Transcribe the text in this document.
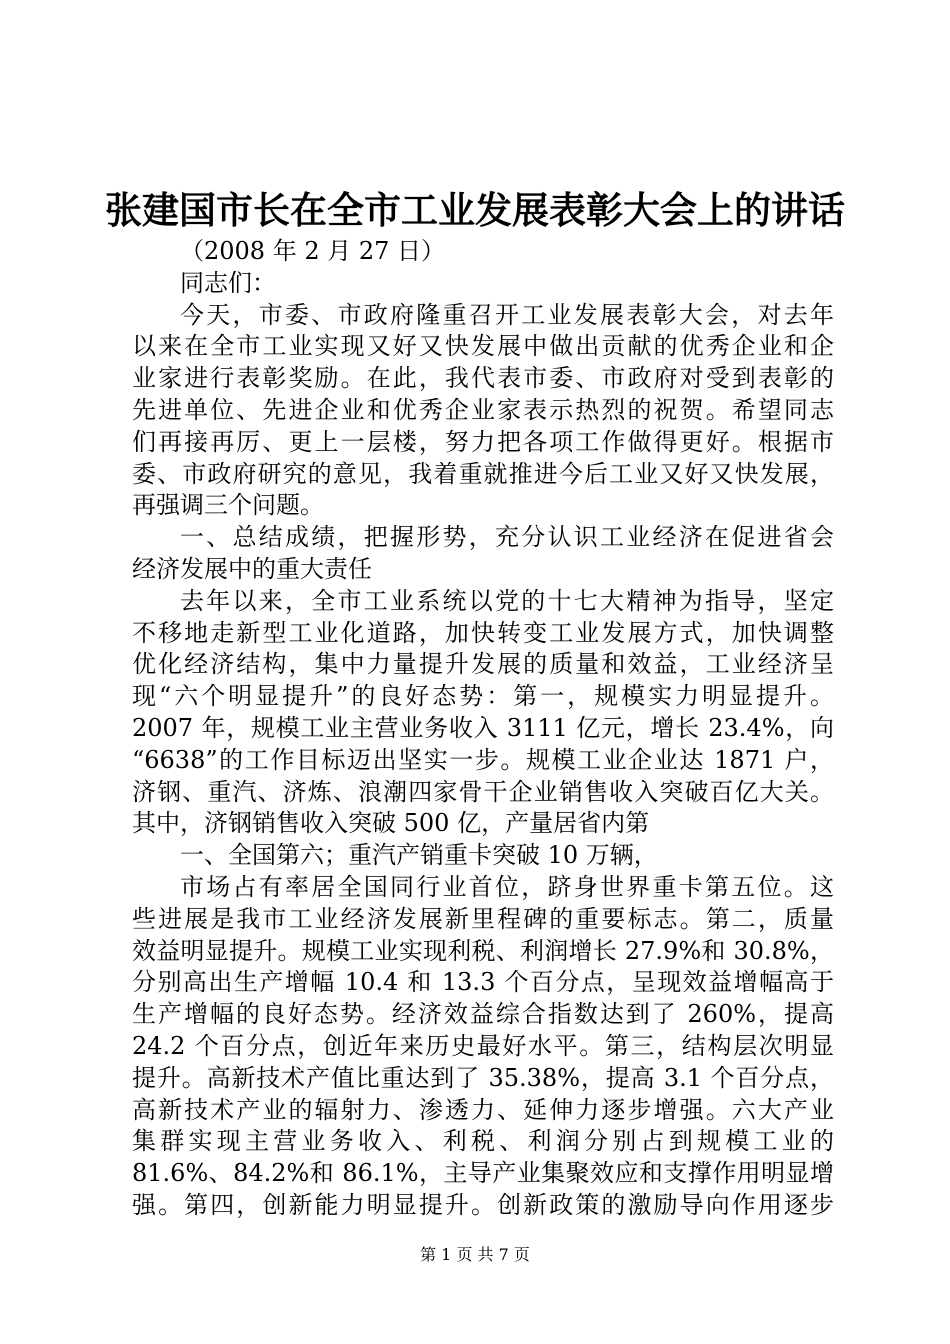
张建国市长在全市工业发展表彰大会上的讲话
（2008 年 2 月 27 日）
同志们：
今天，市委、市政府隆重召开工业发展表彰大会，对去年
以来在全市工业实现又好又快发展中做出贡献的优秀企业和企
业家进行表彰奖励。在此，我代表市委、市政府对受到表彰的
先进单位、先进企业和优秀企业家表示热烈的祝贺。希望同志
们再接再厉、更上一层楼，努力把各项工作做得更好。根据市
委、市政府研究的意见，我着重就推进今后工业又好又快发展，
再强调三个问题。
一、总结成绩，把握形势，充分认识工业经济在促进省会
经济发展中的重大责任
去年以来，全市工业系统以党的十七大精神为指导，坚定
不移地走新型工业化道路，加快转变工业发展方式，加快调整
优化经济结构，集中力量提升发展的质量和效益，工业经济呈
现“六个明显提升”的良好态势：第一，规模实力明显提升。
2007 年，规模工业主营业务收入 3111 亿元，增长 23.4%，向
“6638”的工作目标迈出坚实一步。规模工业企业达 1871 户，
济钢、重汽、济炼、浪潮四家骨干企业销售收入突破百亿大关。
其中，济钢销售收入突破 500 亿，产量居省内第
一、全国第六；重汽产销重卡突破 10 万辆，
市场占有率居全国同行业首位，跻身世界重卡第五位。这
些进展是我市工业经济发展新里程碑的重要标志。第二，质量
效益明显提升。规模工业实现利税、利润增长 27.9%和 30.8%，
分别高出生产增幅 10.4 和 13.3 个百分点，呈现效益增幅高于
生产增幅的良好态势。经济效益综合指数达到了 260%，提高
24.2 个百分点，创近年来历史最好水平。第三，结构层次明显
提升。高新技术产值比重达到了 35.38%，提高 3.1 个百分点，
高新技术产业的辐射力、渗透力、延伸力逐步增强。六大产业
集群实现主营业务收入、利税、利润分别占到规模工业的
81.6%、84.2%和 86.1%，主导产业集聚效应和支撑作用明显增
强。第四，创新能力明显提升。创新政策的激励导向作用逐步
第 1 页 共 7 页
